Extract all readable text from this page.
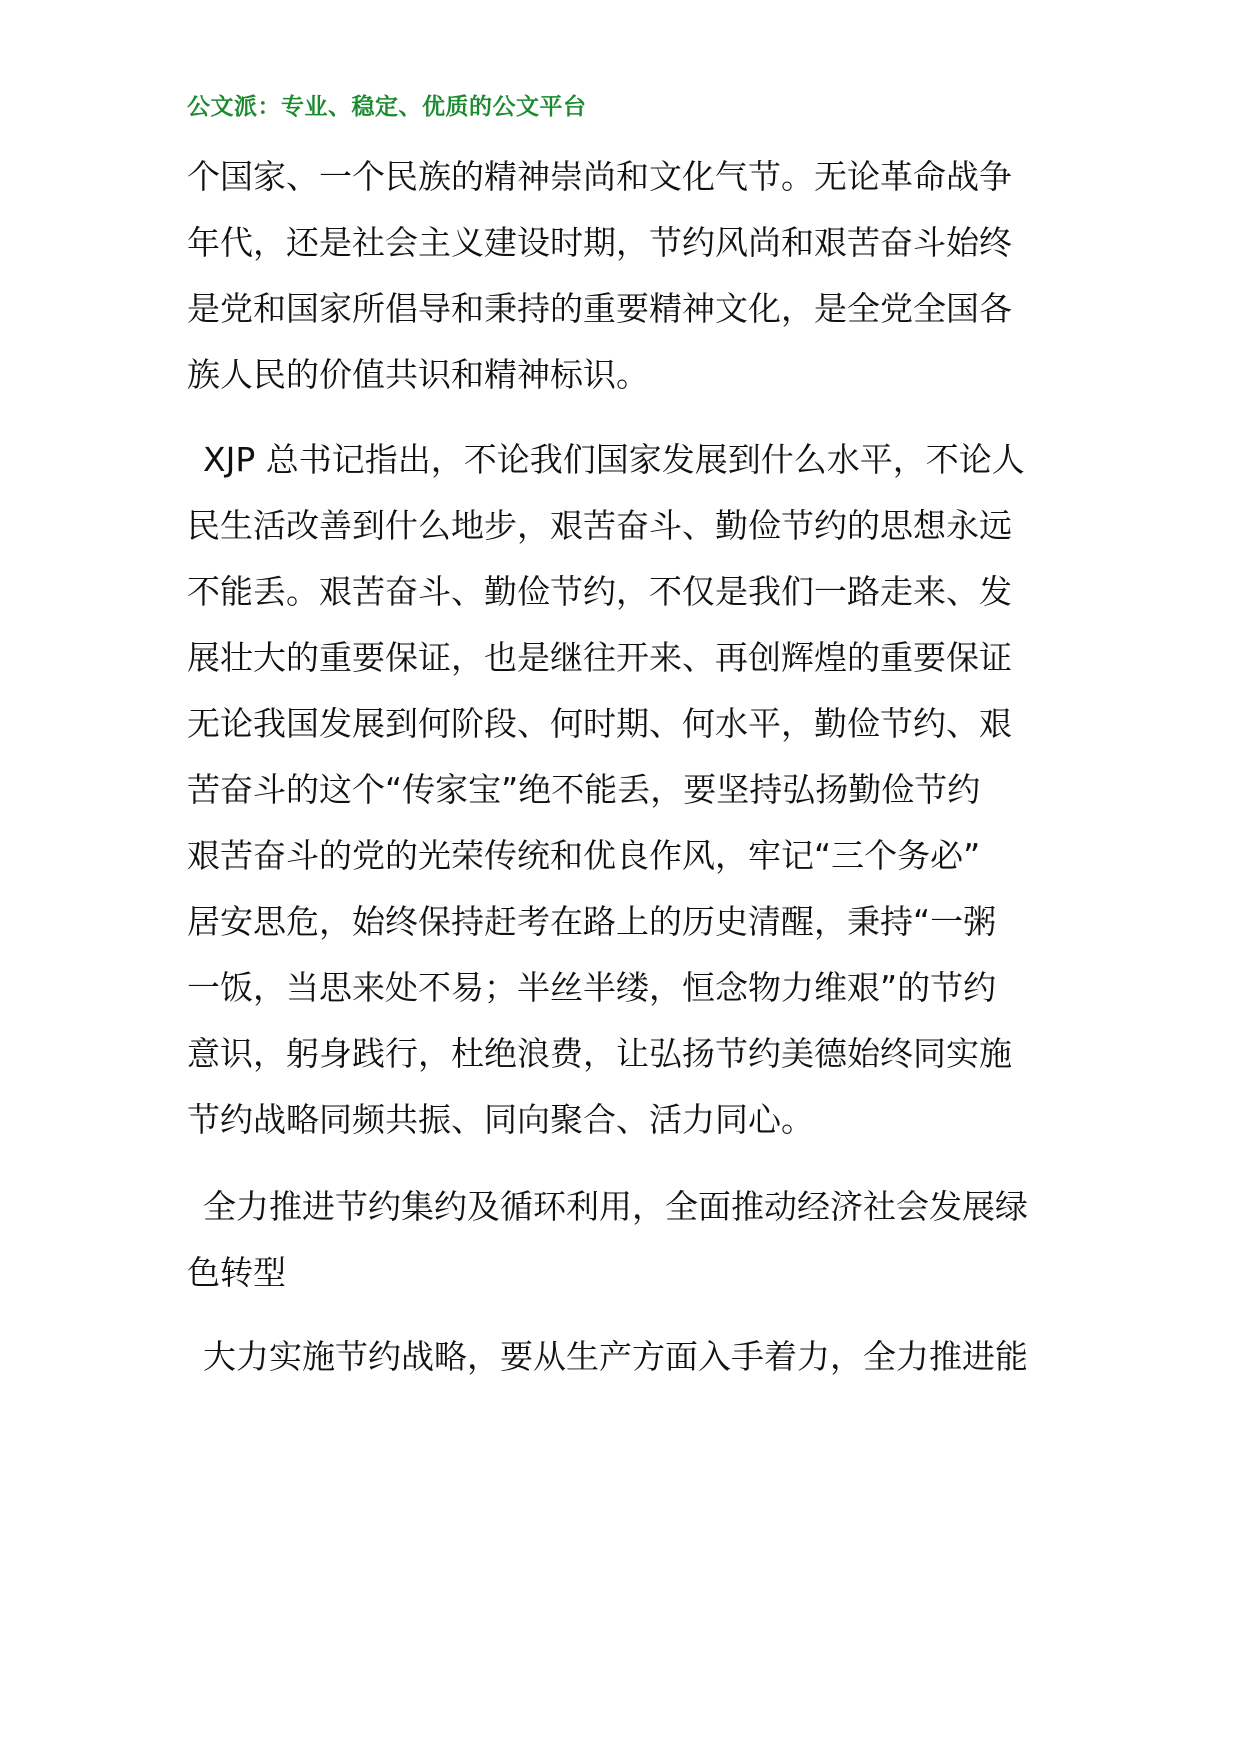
公文派：专业、稳定、优质的公文平台
个国家、一个民族的精神崇尚和文化气节。无论革命战争
年代，还是社会主义建设时期，节约风尚和艰苦奋斗始终
是党和国家所倡导和秉持的重要精神文化，是全党全国各
族人民的价值共识和精神标识。
XJP 总书记指出，不论我们国家发展到什么水平，不论人
民生活改善到什么地步，艰苦奋斗、勤俭节约的思想永远
不能丢。艰苦奋斗、勤俭节约，不仅是我们一路走来、发
展壮大的重要保证，也是继往开来、再创辉煌的重要保证
无论我国发展到何阶段、何时期、何水平，勤俭节约、艰
苦奋斗的这个“传家宝”绝不能丢，要坚持弘扬勤俭节约
艰苦奋斗的党的光荣传统和优良作风，牢记“三个务必”
居安思危，始终保持赶考在路上的历史清醒，秉持“一粥
一饭，当思来处不易；半丝半缕，恒念物力维艰”的节约
意识，躬身践行，杜绝浪费，让弘扬节约美德始终同实施
节约战略同频共振、同向聚合、活力同心。
全力推进节约集约及循环利用，全面推动经济社会发展绿
色转型
大力实施节约战略，要从生产方面入手着力，全力推进能
